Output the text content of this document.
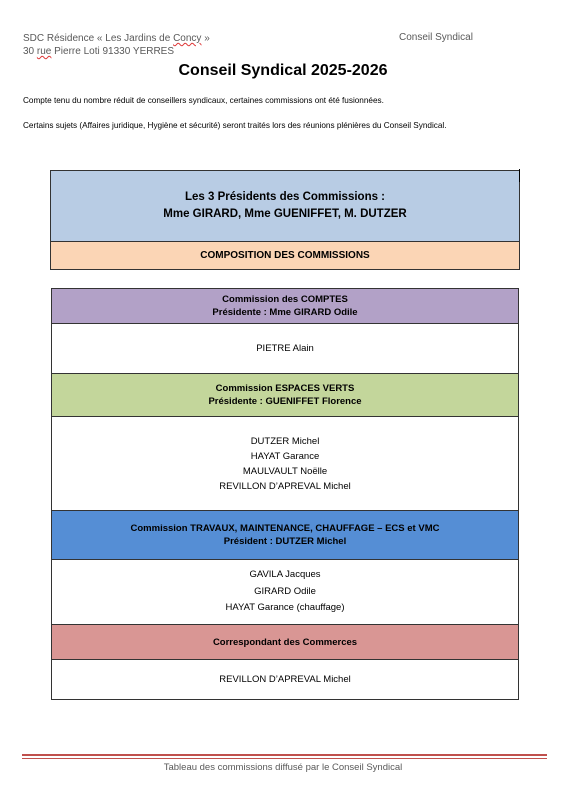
SDC Résidence « Les Jardins de Concy »
30 rue Pierre Loti 91330 YERRES
Conseil Syndical
Conseil Syndical 2025-2026
Compte tenu du nombre réduit de conseillers syndicaux, certaines commissions ont été fusionnées.
Certains sujets (Affaires juridique, Hygiène et sécurité) seront traités lors des réunions plénières du Conseil Syndical.
Les 3 Présidents des Commissions :
Mme GIRARD, Mme GUENIFFET, M. DUTZER
COMPOSITION DES COMMISSIONS
Commission des COMPTES
Présidente : Mme GIRARD Odile
PIETRE Alain
Commission ESPACES VERTS
Présidente : GUENIFFET Florence
DUTZER Michel
HAYAT Garance
MAULVAULT Noëlle
REVILLON D’APREVAL Michel
Commission TRAVAUX, MAINTENANCE, CHAUFFAGE – ECS et VMC
Président : DUTZER Michel
GAVILA Jacques
GIRARD Odile
HAYAT Garance (chauffage)
Correspondant des Commerces
REVILLON D’APREVAL Michel
Tableau des commissions diffusé par le Conseil Syndical
